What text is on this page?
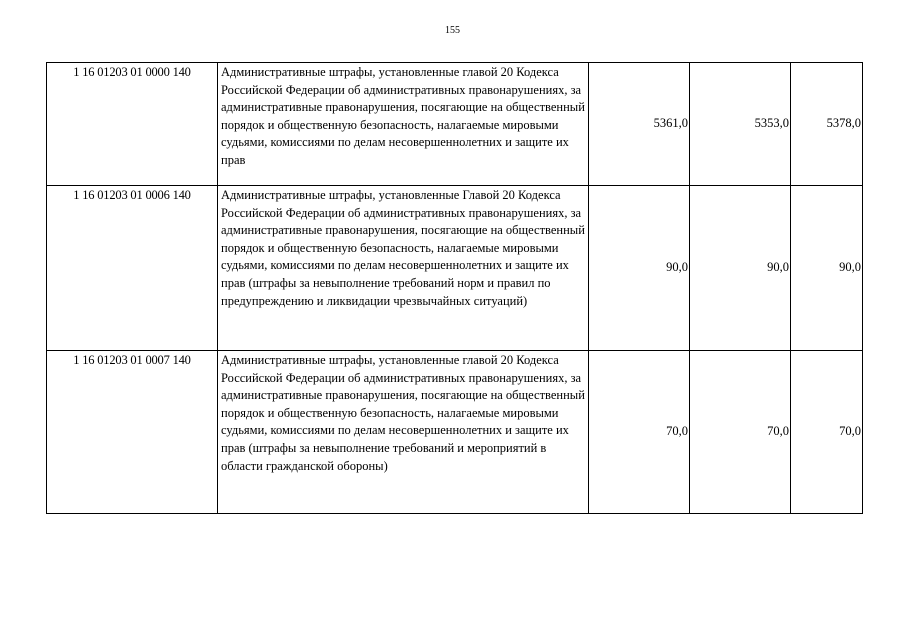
155
1 16 01203 01 0000 140	Административные штрафы, установленные главой 20 Кодекса Российской Федерации об административных правонарушениях, за административные правонарушения, посягающие на общественный порядок и общественную безопасность, налагаемые мировыми судьями, комиссиями по делам несовершеннолетних и защите их прав	5361,0	5353,0	5378,0
1 16 01203 01 0006 140	Административные штрафы, установленные Главой 20 Кодекса Российской Федерации об административных правонарушениях, за административные правонарушения, посягающие на общественный порядок и общественную безопасность, налагаемые мировыми судьями, комиссиями по делам несовершеннолетних и защите их прав (штрафы за невыполнение требований норм и правил по предупреждению и ликвидации чрезвычайных ситуаций)	90,0	90,0	90,0
1 16 01203 01 0007 140	Административные штрафы, установленные главой 20 Кодекса Российской Федерации об административных правонарушениях, за административные правонарушения, посягающие на общественный порядок и общественную безопасность, налагаемые мировыми судьями, комиссиями по делам несовершеннолетних и защите их прав (штрафы за невыполнение требований и мероприятий в области гражданской обороны)	70,0	70,0	70,0
